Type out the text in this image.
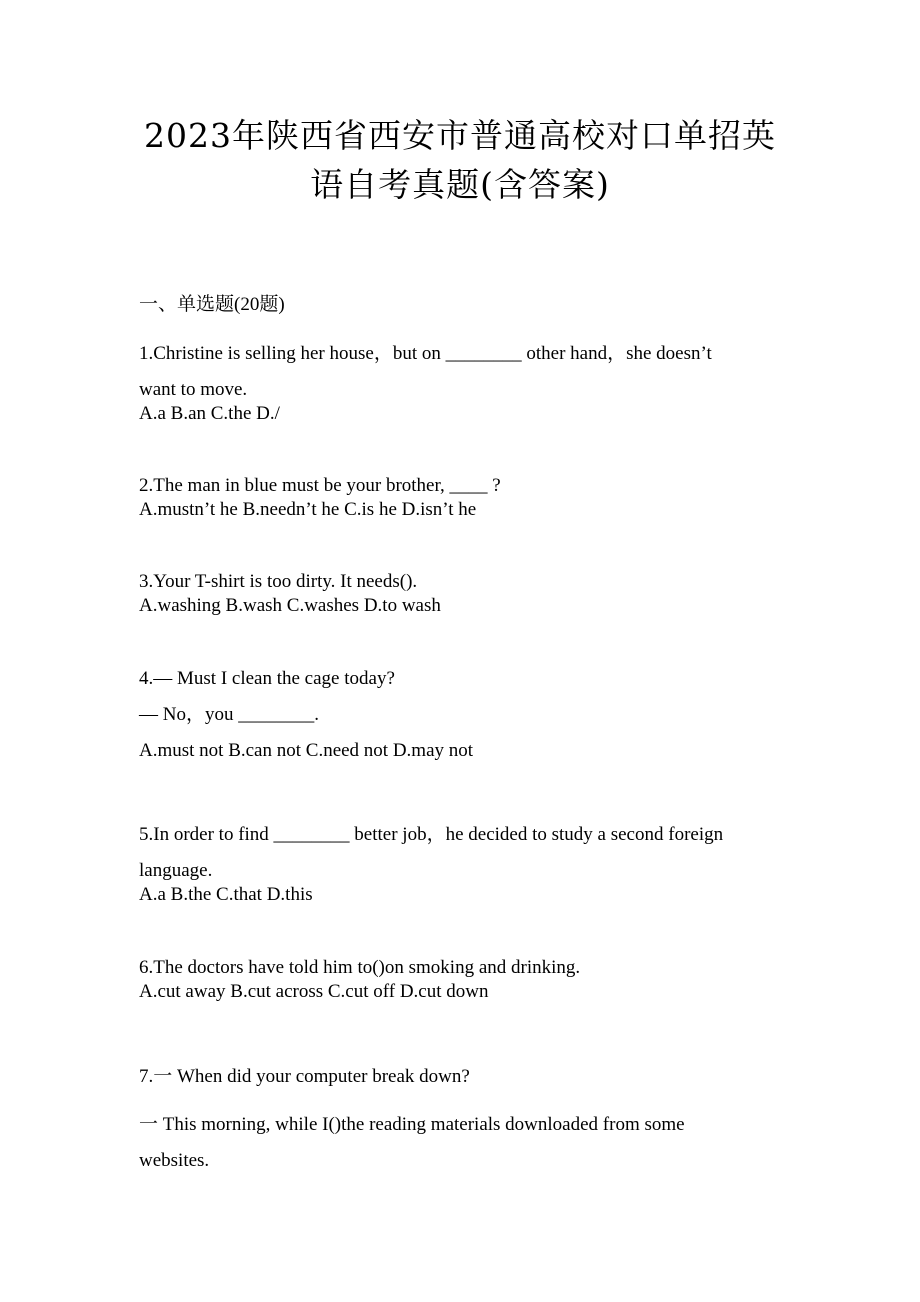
2023年陕西省西安市普通高校对口单招英
语自考真题(含答案)
一、单选题(20题)
1.Christine is selling her house，but on ________ other hand，she doesn’t
want to move.
A.a B.an C.the D./
2.The man in blue must be your brother, ____ ?
A.mustn’t he B.needn’t he C.is he D.isn’t he
3.Your T-shirt is too dirty. It needs().
A.washing B.wash C.washes D.to wash
4.— Must I clean the cage today?
— No，you ________.
A.must not B.can not C.need not D.may not
5.In order to find ________ better job，he decided to study a second foreign
language.
A.a B.the C.that D.this
6.The doctors have told him to()on smoking and drinking.
A.cut away B.cut across C.cut off D.cut down
7.一 When did your computer break down?
一 This morning, while I()the reading materials downloaded from some
websites.
